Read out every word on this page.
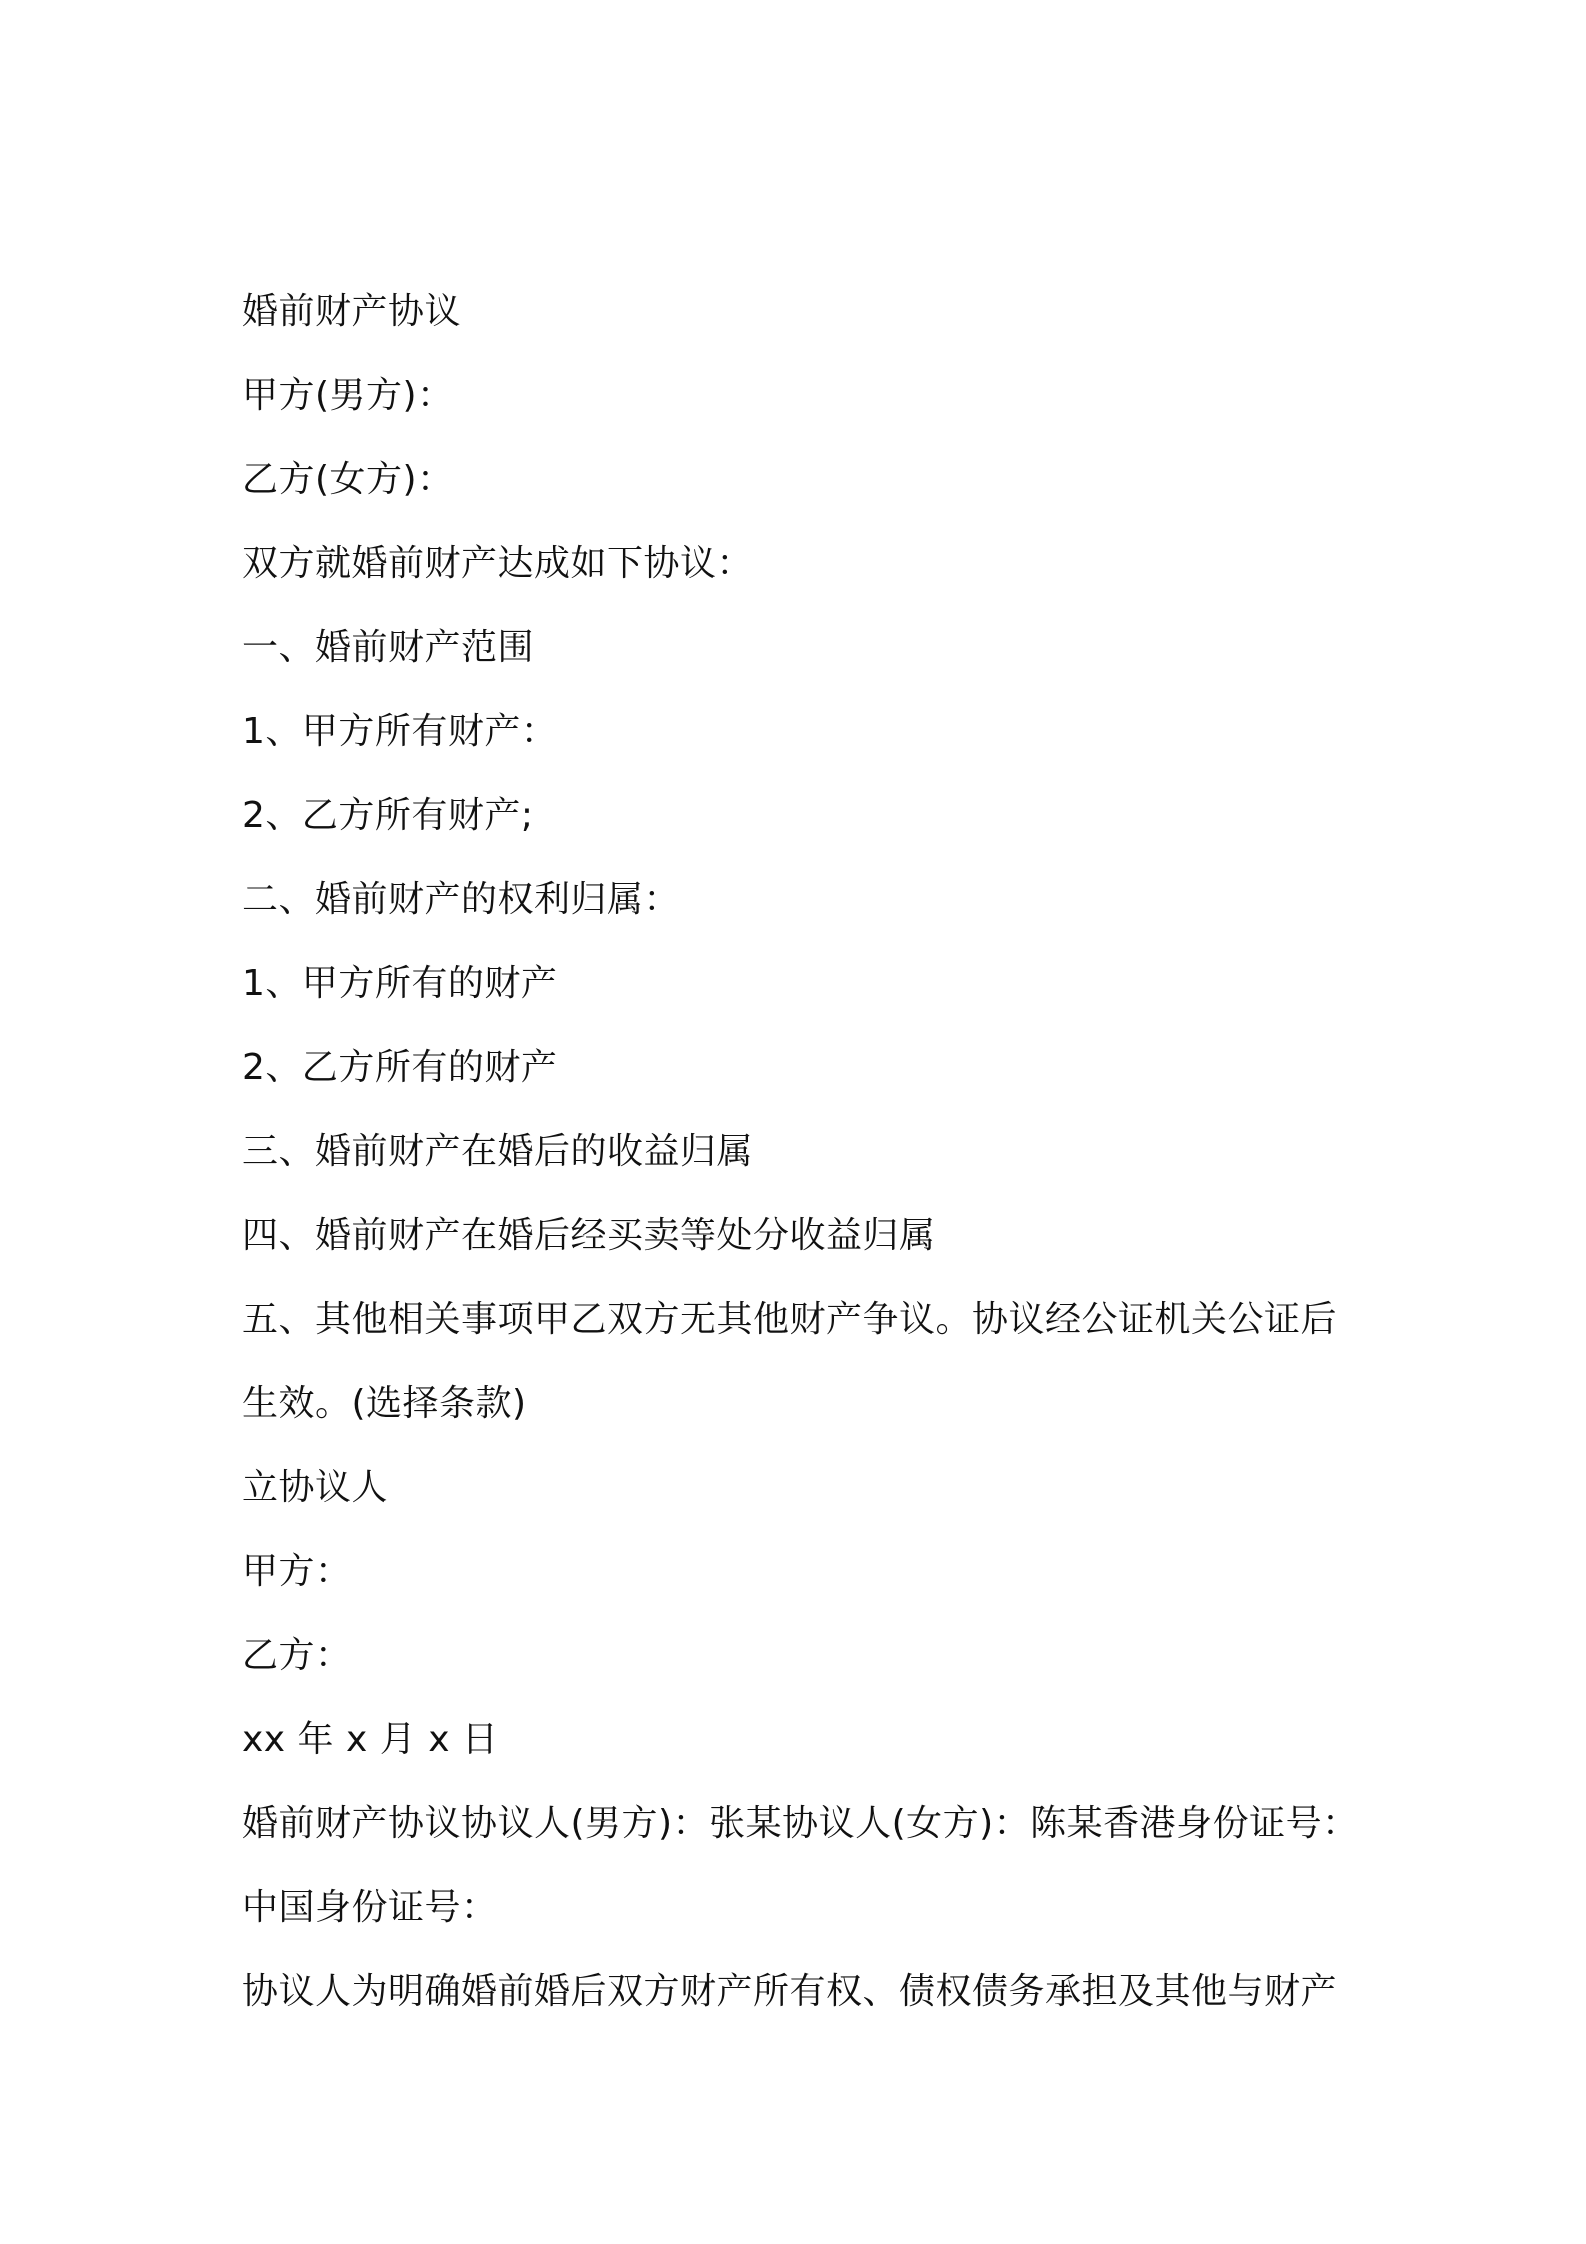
婚前财产协议
甲方(男方)：
乙方(女方)：
双方就婚前财产达成如下协议：
一、婚前财产范围
1、甲方所有财产：
2、乙方所有财产;
二、婚前财产的权利归属：
1、甲方所有的财产
2、乙方所有的财产
三、婚前财产在婚后的收益归属
四、婚前财产在婚后经买卖等处分收益归属
五、其他相关事项甲乙双方无其他财产争议。协议经公证机关公证后
生效。(选择条款)
立协议人
甲方：
乙方：
xx 年 x 月 x 日
婚前财产协议协议人(男方)：张某协议人(女方)：陈某香港身份证号：
中国身份证号：
协议人为明确婚前婚后双方财产所有权、债权债务承担及其他与财产
